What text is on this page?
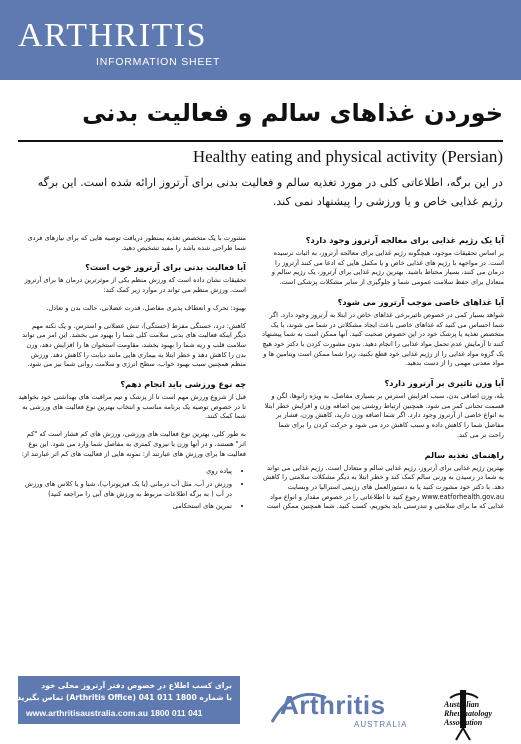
ARTHRITIS
INFORMATION SHEET
خوردن غذاهای سالم و فعالیت بدنی
Healthy eating and physical activity (Persian)
در این برگه، اطلاعاتی کلی در مورد تغذیه سالم و فعالیت بدنی برای آرتروز ارائه شده است. این برگه رژیم غذایی خاص و یا ورزشی را پیشنهاد نمی کند.
آیا یک رژیم غذایی برای معالجه آرتروز وجود دارد؟

بر اساس تحقیقات موجود، هیچگونه رژیم غذایی برای معالجه آرتروز، به اثبات نرسیده است. در مواجهه با رژیم های غذایی خاص و یا مکمل هایی که ادعا می کنند آرتروز را درمان می کنند، بسیار محتاط باشید. بهترین رژیم غذایی برای آرتروز، یک رژیم سالم و متعادل برای حفظ سلامت عمومی شما و جلوگیری از سایر مشکلات پزشکی است.

آیا غذاهای خاصی موجب آرتروز می شود؟

شواهد بسیار کمی در خصوص تاثیربرخی غذاهای خاص در ابتلا به آرتروز وجود دارد. اگر شما احساس می کنید که غذاهای خاصی باعث ایجاد مشکلاتی در شما می شوند، با یک متخصص تغذیه یا پزشک خود در این خصوص صحبت کنید. آنها ممکن است به شما پیشنهاد کنند تا آزمایش عدم تحمل مواد غذایی را انجام دهید. بدون مشورت کردن با دکتر خود هیچ یک گروه مواد غذایی را از رژیم غذایی خود قطع نکنید، زیرا شما ممکن است ویتامین ها و مواد معدنی مهمی را از دست بدهید.

آیا وزن تاثیری بر آرتروز دارد؟

بله، وزن اضافی بدن، سبب افزایش استرس بر بسیاری مفاصل، به ویژه زانوها، لگن و قسمت تحتانی کمر می شود. همچنین ارتباط روشنی بین اضافه وزن و افزایش خطر ابتلا به انواع خاصی از آرتروز وجود دارد. اگر شما اضافه وزن دارید، کاهش وزن، فشار بر مفاصل شما را کاهش داده و سبب کاهش درد می شود و حرکت کردن را برای شما راحت تر می کند.

راهنمای تغذیه سالم

بهترین رژیم غذایی برای آرتروز، رژیم غذایی سالم و متعادل است. رژیم غذایی می تواند به شما در رسیدن به وزنی سالم کمک کند و خطر ابتلا به دیگر مشکلات سلامتی را کاهش دهد. با دکتر خود مشورت کنید یا به دستورالعمل های رژیمی استرالیا در وبسایت www.eatforhealth.gov.au رجوع کنید تا اطلاعاتی را در خصوص مقدار و انواع مواد غذایی که ما برای سلامتی و تندرستی باید بخوریم، کسب کنید. شما همچنین ممکن است

مشورت با یک متخصص تغذیه بمنظور دریافت توصیه هایی که برای نیازهای فردی شما طراحی شده باشد را مفید تشخیص دهید.

آیا فعالیت بدنی برای آرتروز خوب است؟

تحقیقات نشان داده است که ورزش منظم یکی از موثرترین درمان ها برای آرتروز است. ورزش منظم می تواند در موارد زیر کمک کند:

بهبود: تحرک و انعطاف پذیری مفاصل، قدرت عضلانی، حالت بدن و تعادل.

کاهش: درد، خستگی مفرط (خستگی)، تنش عضلانی و استرس. و یک نکته مهم دیگر اینکه فعالیت های بدنی سلامت کلی شما را بهبود می بخشد. این امر می تواند سلامت قلب و ریه شما را بهبود بخشد، مقاومت استخوان ها را افزایش دهد، وزن بدن را کاهش دهد و خطر ابتلا به بیماری هایی مانند دیابت را کاهش دهد. ورزش منظم همچنین سبب بهبود خواب، سطح انرژی و سلامت روانی شما نیز می شود.

چه نوع ورزشی باید انجام دهم؟

قبل از شروع ورزش مهم است تا از پزشک و تیم مراقبت های بهداشتی خود بخواهید تا در خصوص توصیه یک برنامه مناسب و انتخاب بهترین نوع فعالیت های ورزشی به شما کمک کنند.

به طور کلی، بهترین نوع فعالیت های ورزشی، ورزش های کم فشار است که "کم اثر" هستند، و در آنها وزن یا نیروی کمتری به مفاصل شما وارد می شود. این نوع فعالیت ها برای ورزش های عبارتند از: نمونه هایی از فعالیت های کم اثر عبارتند از:

• پیاده روی
• ورزش در آب، مثل آب درمانی (یا یک فیزیوتراپ)، شنا و یا کلاس های ورزش در آب ( به برگه اطلاعات مربوط به ورزش های آبی را مراجعه کنید)
• تمرین های استحکامی
برای کسب اطلاع در خصوص دفتر آرتروز محلی خود
با شماره 1800 011 041 (Arthritis Office) تماس بگیرید.
www.arthritisaustralia.com.au 1800 011 041	Arthritis
AUSTRALIA
Australian
Rheumatology
Association
